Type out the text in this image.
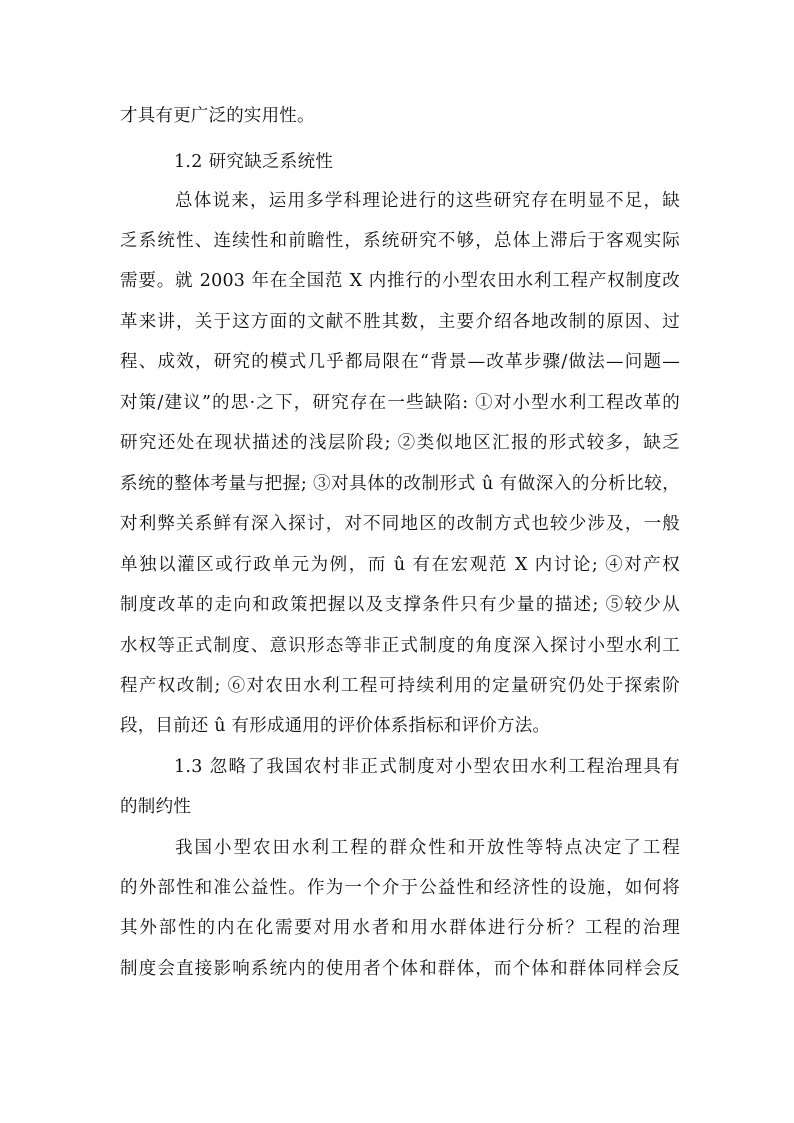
才具有更广泛的实用性。
1.2 研究缺乏系统性
总体说来，运用多学科理论进行的这些研究存在明显不足，缺
乏系统性、连续性和前瞻性，系统研究不够，总体上滞后于客观实际
需要。就 2003 年在全国范 X 内推行的小型农田水利工程产权制度改
革来讲，关于这方面的文献不胜其数，主要介绍各地改制的原因、过
程、成效，研究的模式几乎都局限在“背景—改革步骤/做法—问题—
对策/建议”的思·之下，研究存在一些缺陷: ①对小型水利工程改革的
研究还处在现状描述的浅层阶段; ②类似地区汇报的形式较多，缺乏
系统的整体考量与把握; ③对具体的改制形式 û 有做深入的分析比较，
对利弊关系鲜有深入探讨，对不同地区的改制方式也较少涉及，一般
单独以灌区或行政单元为例，而 û 有在宏观范 X 内讨论; ④对产权
制度改革的走向和政策把握以及支撑条件只有少量的描述; ⑤较少从
水权等正式制度、意识形态等非正式制度的角度深入探讨小型水利工
程产权改制; ⑥对农田水利工程可持续利用的定量研究仍处于探索阶
段，目前还 û 有形成通用的评价体系指标和评价方法。
1.3 忽略了我国农村非正式制度对小型农田水利工程治理具有
的制约性
我国小型农田水利工程的群众性和开放性等特点决定了工程
的外部性和准公益性。作为一个介于公益性和经济性的设施，如何将
其外部性的内在化需要对用水者和用水群体进行分析？工程的治理
制度会直接影响系统内的使用者个体和群体，而个体和群体同样会反
